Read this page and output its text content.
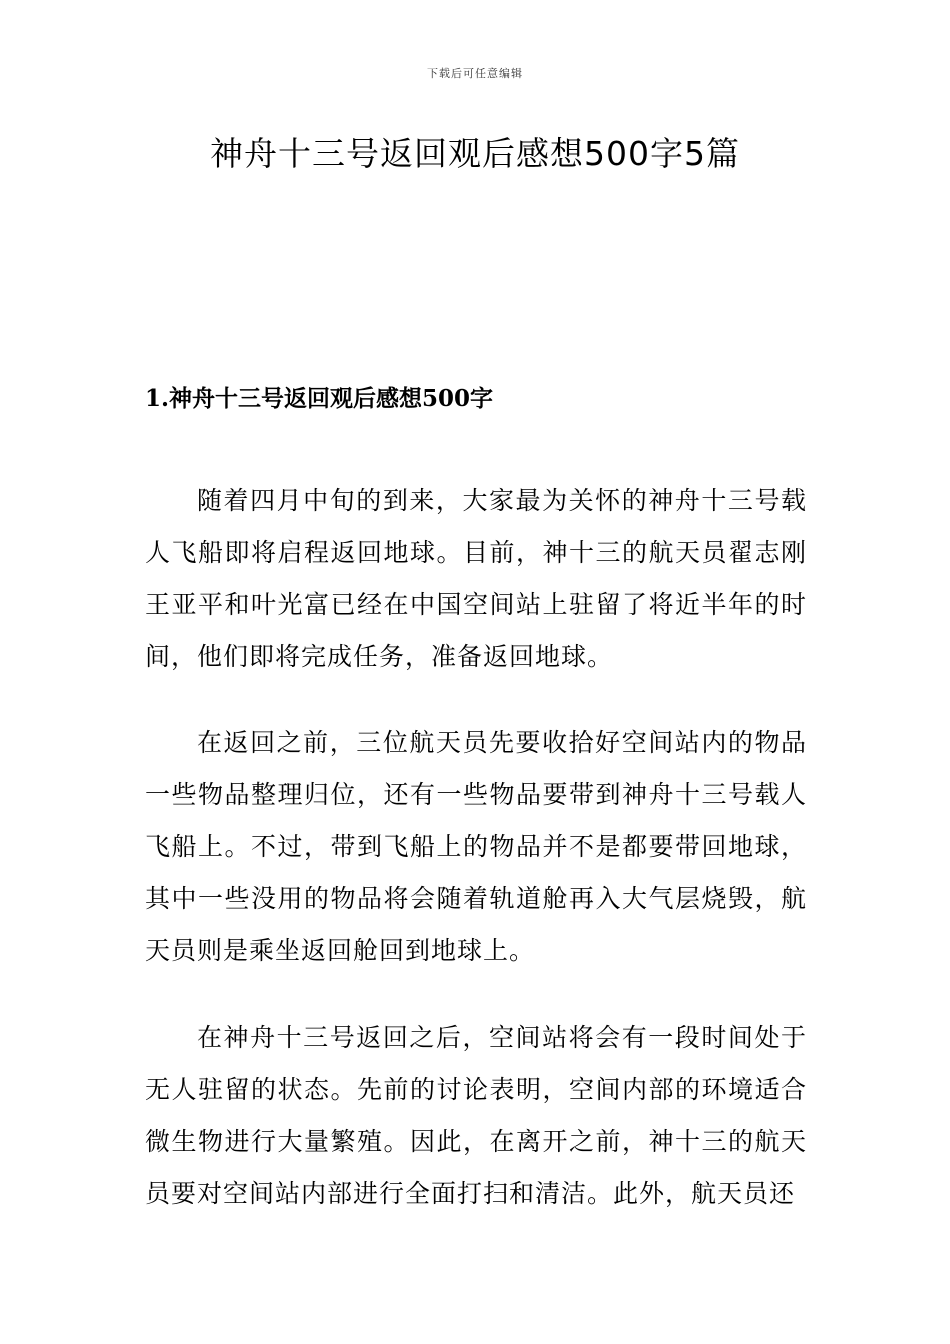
下载后可任意编辑
神舟十三号返回观后感想500字5篇
1.神舟十三号返回观后感想500字

随着四月中旬的到来，大家最为关怀的神舟十三号载人飞船即将启程返回地球。目前，神十三的航天员翟志刚王亚平和叶光富已经在中国空间站上驻留了将近半年的时间，他们即将完成任务，准备返回地球。

在返回之前，三位航天员先要收拾好空间站内的物品一些物品整理归位，还有一些物品要带到神舟十三号载人飞船上。不过，带到飞船上的物品并不是都要带回地球，其中一些没用的物品将会随着轨道舱再入大气层烧毁，航天员则是乘坐返回舱回到地球上。

在神舟十三号返回之后，空间站将会有一段时间处于无人驻留的状态。先前的讨论表明，空间内部的环境适合微生物进行大量繁殖。因此，在离开之前，神十三的航天员要对空间站内部进行全面打扫和清洁。此外，航天员还
